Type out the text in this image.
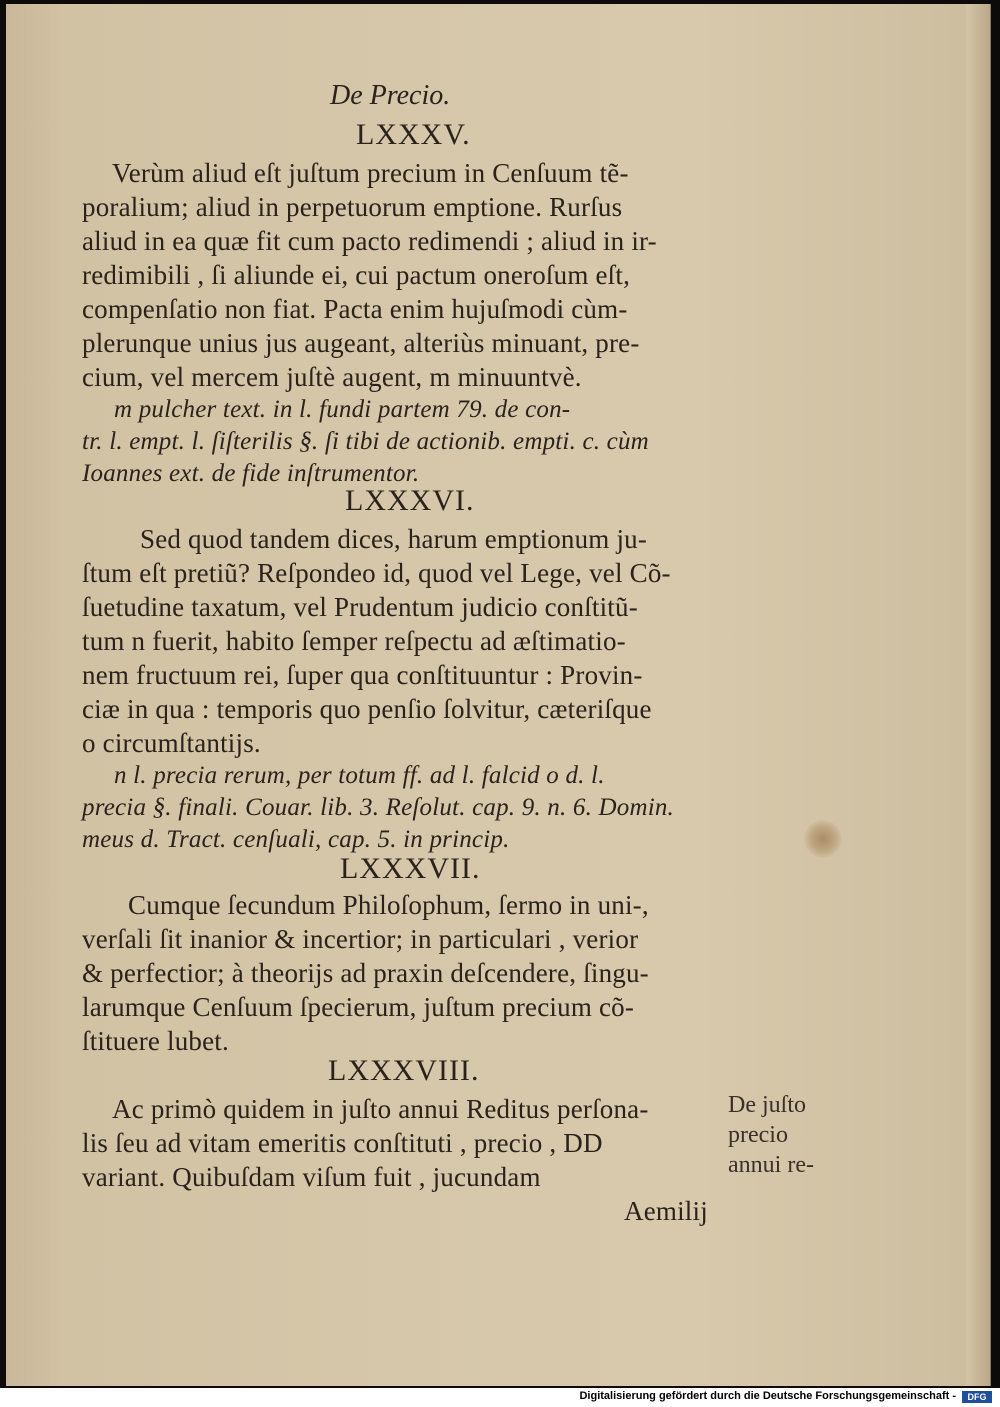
De Precio.
LXXXV.
Verùm aliud eſt juſtum precium in Cenſuum tẽ-
poralium; aliud in perpetuorum emptione. Rurſus
aliud in ea quæ fit cum pacto redimendi ; aliud in ir-
redimibili , ſi aliunde ei, cui pactum oneroſum eſt,
compenſatio non fiat. Pacta enim hujuſmodi cùm-
plerunque unius jus augeant, alteriùs minuant, pre-
cium, vel mercem juſtè augent, m minuuntvè.
m pulcher text. in l. fundi partem 79. de con-
tr. l. empt. l. ſiſterilis §. ſi tibi de actionib. empti. c. cùm
Ioannes ext. de fide inſtrumentor.
LXXXVI.
Sed quod tandem dices, harum emptionum ju-
ſtum eſt pretiũ? Reſpondeo id, quod vel Lege, vel Cõ-
ſuetudine taxatum, vel Prudentum judicio conſtitũ-
tum n fuerit, habito ſemper reſpectu ad æſtimatio-
nem fructuum rei, ſuper qua conſtituuntur : Provin-
ciæ in qua : temporis quo penſio ſolvitur, cæteriſque
o circumſtantijs.
n l. precia rerum, per totum ff. ad l. falcid o d. l.
precia §. finali. Couar. lib. 3. Reſolut. cap. 9. n. 6. Domin.
meus d. Tract. cenſuali, cap. 5. in princip.
LXXXVII.
Cumque ſecundum Philoſophum, ſermo in uni-,
verſali ſit inanior & incertior; in particulari , verior
& perfectior; à theorijs ad praxin deſcendere, ſingu-
larumque Cenſuum ſpecierum, juſtum precium cõ-
ſtituere lubet.
LXXXVIII.
Ac primò quidem in juſto annui Reditus perſona-
lis ſeu ad vitam emeritis conſtituti , precio , DD
variant. Quibuſdam viſum fuit , jucundam
Aemilij
De juſto
precio
annui re-
Digitalisierung gefördert durch die Deutsche Forschungsgemeinschaft -	DFG
